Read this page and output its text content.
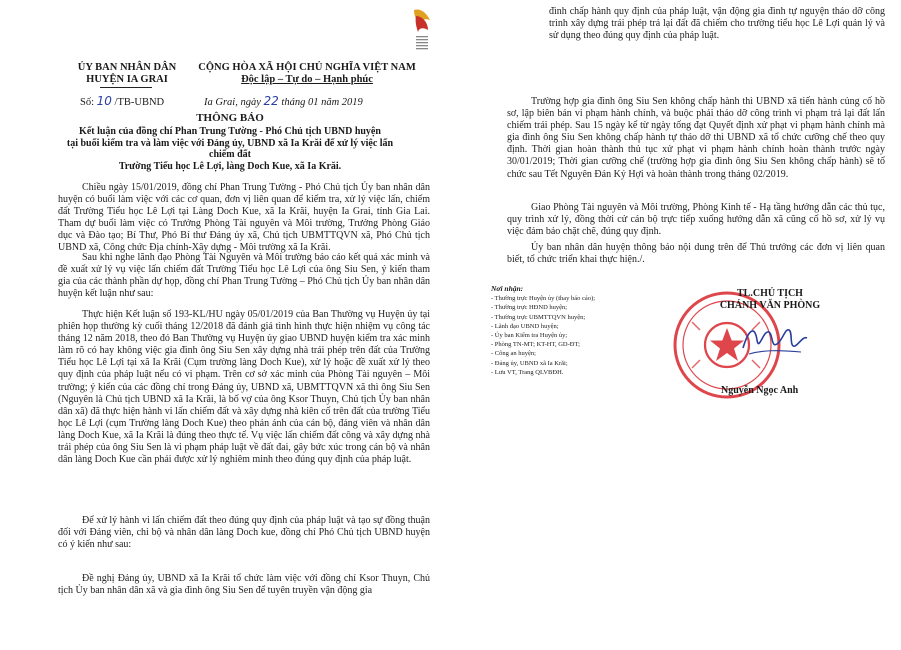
ỦY BAN NHÂN DÂN
HUYỆN IA GRAI
CỘNG HÒA XÃ HỘI CHỦ NGHĨA VIỆT NAM
Độc lập – Tự do – Hạnh phúc
Số: 10 /TB-UBND	Ia Grai, ngày 22 tháng 01 năm 2019
THÔNG BÁO
Kết luận của đồng chí Phan Trung Tường - Phó Chủ tịch UBND huyện
tại buổi kiểm tra và làm việc với Đảng ủy, UBND xã Ia Krăi để xử lý việc lấn chiếm đất
Trường Tiểu học Lê Lợi, làng Doch Kue, xã Ia Krăi.
Chiều ngày 15/01/2019, đồng chí Phan Trung Tường - Phó Chủ tịch Ủy ban nhân dân huyện có buổi làm việc với các cơ quan, đơn vị liên quan để kiểm tra, xử lý việc lấn, chiếm đất Trường Tiểu học Lê Lợi tại Làng Doch Kue, xã Ia Krăi, huyện Ia Grai, tỉnh Gia Lai. Tham dự buổi làm việc có Trưởng Phòng Tài nguyên và Môi trường, Trưởng Phòng Giáo dục và Đào tạo; Bí Thư, Phó Bí thư Đảng ủy xã, Chủ tịch UBMTTQVN xã, Phó Chủ tịch UBND xã, Công chức Địa chính-Xây dựng - Môi trường xã Ia Krăi.
Sau khi nghe lãnh đạo Phòng Tài Nguyên và Môi trường báo cáo kết quả xác minh và đề xuất xử lý vụ việc lấn chiếm đất Trường Tiểu học Lê Lợi của ông Siu Sen, ý kiến tham gia của các thành phần dự họp, đồng chí Phan Trung Tường – Phó Chủ tịch Ủy ban nhân dân huyện kết luận như sau:
Thực hiện Kết luận số 193-KL/HU ngày 05/01/2019 của Ban Thường vụ Huyện ủy tại phiên họp thường kỳ cuối tháng 12/2018 đã đánh giá tình hình thực hiện nhiệm vụ công tác tháng 12 năm 2018, theo đó Ban Thường vụ Huyện ủy giao UBND huyện kiểm tra xác minh làm rõ có hay không việc gia đình ông Siu Sen xây dựng nhà trái phép trên đất của Trường Tiểu học Lê Lợi tại xã Ia Krăi (Cụm trường làng Doch Kue), xử lý hoặc đề xuất xử lý theo quy định của pháp luật nếu có vi phạm. Trên cơ sở xác minh của Phòng Tài nguyên – Môi trường; ý kiến của các đồng chí trong Đảng ủy, UBND xã, UBMTTQVN xã thì ông Siu Sen (Nguyên là Chủ tịch UBND xã Ia Krăi, là bố vợ của ông Ksor Thuyn, Chủ tịch Ủy ban nhân dân xã) đã thực hiện hành vi lấn chiếm đất và xây dựng nhà kiên cố trên đất của trường Tiểu học Lê Lợi (cụm Trường làng Doch Kue) theo phản ánh của cán bộ, đảng viên và nhân dân làng Doch Kue, xã Ia Krăi là đúng theo thực tế. Vụ việc lấn chiếm đất công và xây dựng nhà trái phép của ông Siu Sen là vi phạm pháp luật về đất đai, gây bức xúc trong cán bộ và nhân dân làng Doch Kue cần phải được xử lý nghiêm minh theo đúng quy định của pháp luật.
Để xử lý hành vi lấn chiếm đất theo đúng quy định của pháp luật và tạo sự đồng thuận đối với Đảng viên, chi bộ và nhân dân làng Doch kue, đồng chí Phó Chủ tịch UBND huyện có ý kiến như sau:
Đề nghị Đảng ủy, UBND xã Ia Krăi tổ chức làm việc với đồng chí Ksor Thuyn, Chủ tịch Ủy ban nhân dân xã và gia đình ông Siu Sen để tuyên truyền vận động gia
đình chấp hành quy định của pháp luật, vận động gia đình tự nguyện tháo dỡ công trình xây dựng trái phép trả lại đất đã chiếm cho trường tiểu học Lê Lợi quản lý và sử dụng theo đúng quy định của pháp luật.
Trường hợp gia đình ông Siu Sen không chấp hành thì UBND xã tiến hành củng cố hồ sơ, lập biên bản vi phạm hành chính, và buộc phải tháo dỡ công trình vi phạm trả lại đất lấn chiếm trái phép. Sau 15 ngày kể từ ngày tống đạt Quyết định xử phạt vi phạm hành chính mà gia đình ông Siu Sen không chấp hành tự tháo dỡ thì UBND xã tổ chức cưỡng chế theo quy định. Thời gian hoàn thành thủ tục xử phạt vi phạm hành chính hoàn thành trước ngày 30/01/2019; Thời gian cưỡng chế (trường hợp gia đình ông Siu Sen không chấp hành) sẽ tổ chức sau Tết Nguyên Đán Kỷ Hợi và hoàn thành trong tháng 02/2019.
Giao Phòng Tài nguyên và Môi trường, Phòng Kinh tế - Hạ tầng hướng dẫn các thủ tục, quy trình xử lý, đồng thời cử cán bộ trực tiếp xuống hướng dẫn xã cũng cố hồ sơ, xử lý vụ việc đảm bảo chặt chẽ, đúng quy định.
Ủy ban nhân dân huyện thông báo nội dung trên để Thủ trưởng các đơn vị liên quan biết, tổ chức triển khai thực hiện./.
Nơi nhận:
- Thường trực Huyện ủy (thay báo cáo);
- Thường trực HĐND huyện;
- Thường trực UBMTTQVN huyện;
- Lãnh đạo UBND huyện;
- Ủy ban Kiểm tra Huyện ủy;
- Phòng TN-MT; KT-HT, GD-ĐT;
- Công an huyện;
- Đảng ủy, UBND xã Ia Krăi;
- Lưu VT, Trang QLVBĐH.
TL.CHỦ TỊCH
CHÁNH VĂN PHÒNG
Nguyễn Ngọc Anh
